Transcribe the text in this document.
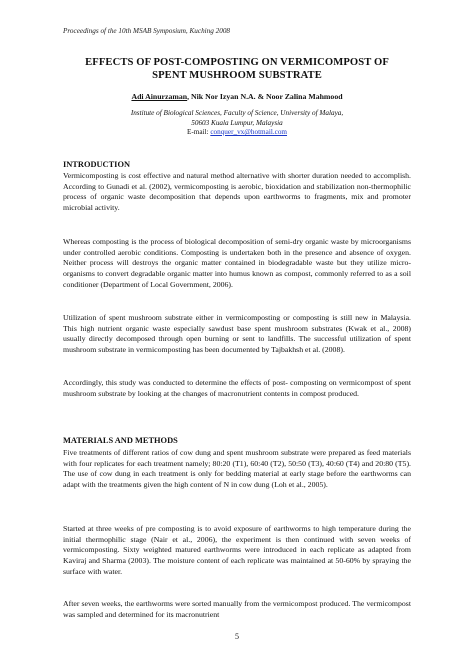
Proceedings of the 10th MSAB Symposium, Kuching 2008
EFFECTS OF POST-COMPOSTING ON VERMICOMPOST OF
SPENT MUSHROOM SUBSTRATE
Adi Ainurzaman, Nik Nor Izyan N.A. & Noor Zalina Mahmood
Institute of Biological Sciences, Faculty of Science, University of Malaya,
50603 Kuala Lumpur, Malaysia
E-mail: conquer_vx@hotmail.com
INTRODUCTION

Vermicomposting is cost effective and natural method alternative with shorter duration needed to accomplish. According to Gunadi et al. (2002), vermicomposting is aerobic, bioxidation and stabilization non-thermophilic process of organic waste decomposition that depends upon earthworms to fragments, mix and promoter microbial activity.

Whereas composting is the process of biological decomposition of semi-dry organic waste by microorganisms under controlled aerobic conditions. Composting is undertaken both in the presence and absence of oxygen. Neither process will destroys the organic matter contained in biodegradable waste but they utilize micro-organisms to convert degradable organic matter into humus known as compost, commonly referred to as a soil conditioner (Department of Local Government, 2006).

Utilization of spent mushroom substrate either in vermicomposting or composting is still new in Malaysia. This high nutrient organic waste especially sawdust base spent mushroom substrates (Kwak et al., 2008) usually directly decomposed through open burning or sent to landfills. The successful utilization of spent mushroom substrate in vermicomposting has been documented by Tajbakhsh et al. (2008).

Accordingly, this study was conducted to determine the effects of post- composting on vermicompost of spent mushroom substrate by looking at the changes of macronutrient contents in compost produced.

MATERIALS AND METHODS

Five treatments of different ratios of cow dung and spent mushroom substrate were prepared as feed materials with four replicates for each treatment namely; 80:20 (T1), 60:40 (T2), 50:50 (T3), 40:60 (T4) and 20:80 (T5). The use of cow dung in each treatment is only for bedding material at early stage before the earthworms can adapt with the treatments given the high content of N in cow dung (Loh et al., 2005).

Started at three weeks of pre composting is to avoid exposure of earthworms to high temperature during the initial thermophilic stage (Nair et al., 2006), the experiment is then continued with seven weeks of vermicomposting. Sixty weighted matured earthworms were introduced in each replicate as adapted from Kaviraj and Sharma (2003). The moisture content of each replicate was maintained at 50-60% by spraying the surface with water.

After seven weeks, the earthworms were sorted manually from the vermicompost produced. The vermicompost was sampled and determined for its macronutrient

5
